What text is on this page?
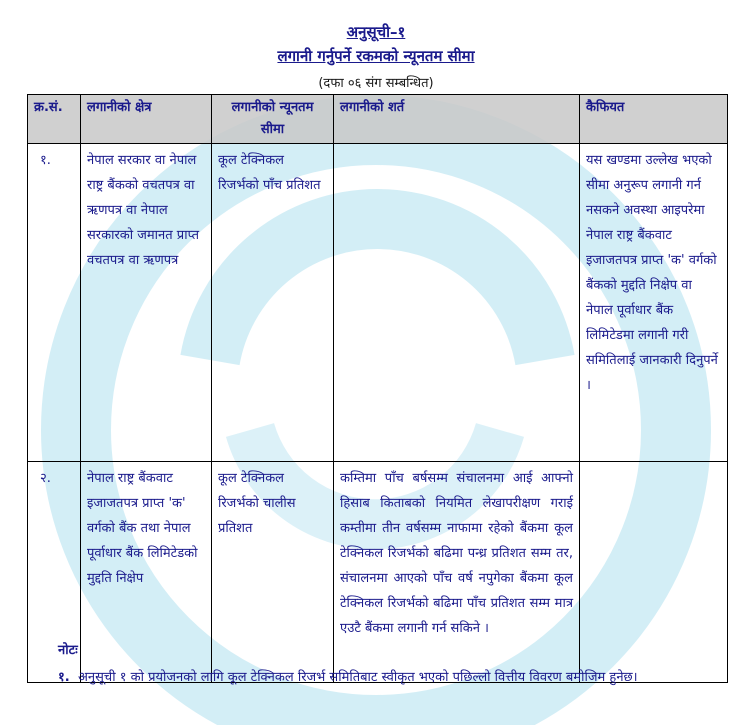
अनुसूची–१
लगानी गर्नुपर्ने रकमको न्यूनतम सीमा
(दफा ०६ संग सम्बन्धित)
क्र.सं.	लगानीको क्षेत्र	लगानीको न्यूनतम सीमा	लगानीको शर्त	कैफियत
१.	नेपाल सरकार वा नेपाल राष्ट्र बैंकको वचतपत्र वा ऋणपत्र वा नेपाल सरकारको जमानत प्राप्त वचतपत्र वा ऋणपत्र	कूल टेक्निकल रिजर्भको पाँच प्रतिशत		यस खण्डमा उल्लेख भएको सीमा अनुरूप लगानी गर्न नसकने अवस्था आइपरेमा नेपाल राष्ट्र बैंकवाट इजाजतपत्र प्राप्त 'क' वर्गको बैंकको मुद्दति निक्षेप वा नेपाल पूर्वाधार बैंक लिमिटेडमा लगानी गरी समितिलाई जानकारी दिनुपर्ने ।
२.	नेपाल राष्ट्र बैंकवाट इजाजतपत्र प्राप्त 'क' वर्गको बैंक तथा नेपाल पूर्वाधार बैंक लिमिटेडको मुद्दति निक्षेप	कूल टेक्निकल रिजर्भको चालीस प्रतिशत	कम्तिमा पाँच बर्षसम्म संचालनमा आई आफ्नो हिसाब किताबको नियमित लेखापरीक्षण गराई कम्तीमा तीन वर्षसम्म नाफामा रहेको बैंकमा कूल टेक्निकल रिजर्भको बढिमा पन्ध्र प्रतिशत सम्म तर, संचालनमा आएको पाँच वर्ष नपुगेका बैंकमा कूल टेक्निकल रिजर्भको बढिमा पाँच प्रतिशत सम्म मात्र एउटै बैंकमा लगानी गर्न सकिने ।	
नोटः
१. अनुसूची १ को प्रयोजनको लागि कूल टेक्निकल रिजर्भ समितिबाट स्वीकृत भएको पछिल्लो वित्तीय विवरण बमोजिम हुनेछ।
